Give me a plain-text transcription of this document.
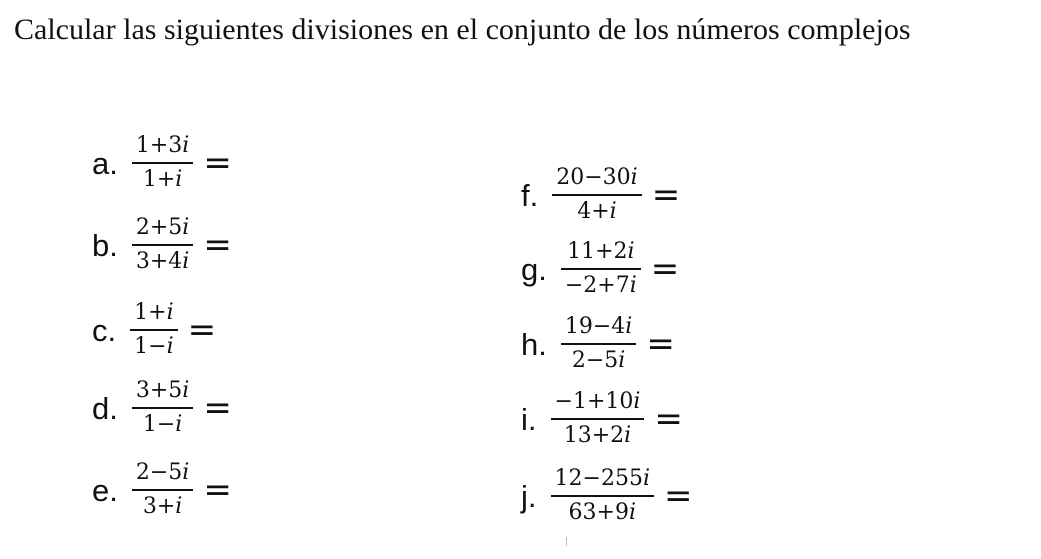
Calcular las siguientes divisiones en el conjunto de los números complejos
a. $\frac{1+3i}{1+i}$ =
b. $\frac{2+5i}{3+4i}$ =
c. $\frac{1+i}{1-i}$ =
d. $\frac{3+5i}{1-i}$ =
e. $\frac{2-5i}{3+i}$ =
f. $\frac{20-30i}{4+i}$ =
g. $\frac{11+2i}{-2+7i}$ =
h. $\frac{19-4i}{2-5i}$ =
i. $\frac{-1+10i}{13+2i}$ =
j. $\frac{12-255i}{63+9i}$ =
